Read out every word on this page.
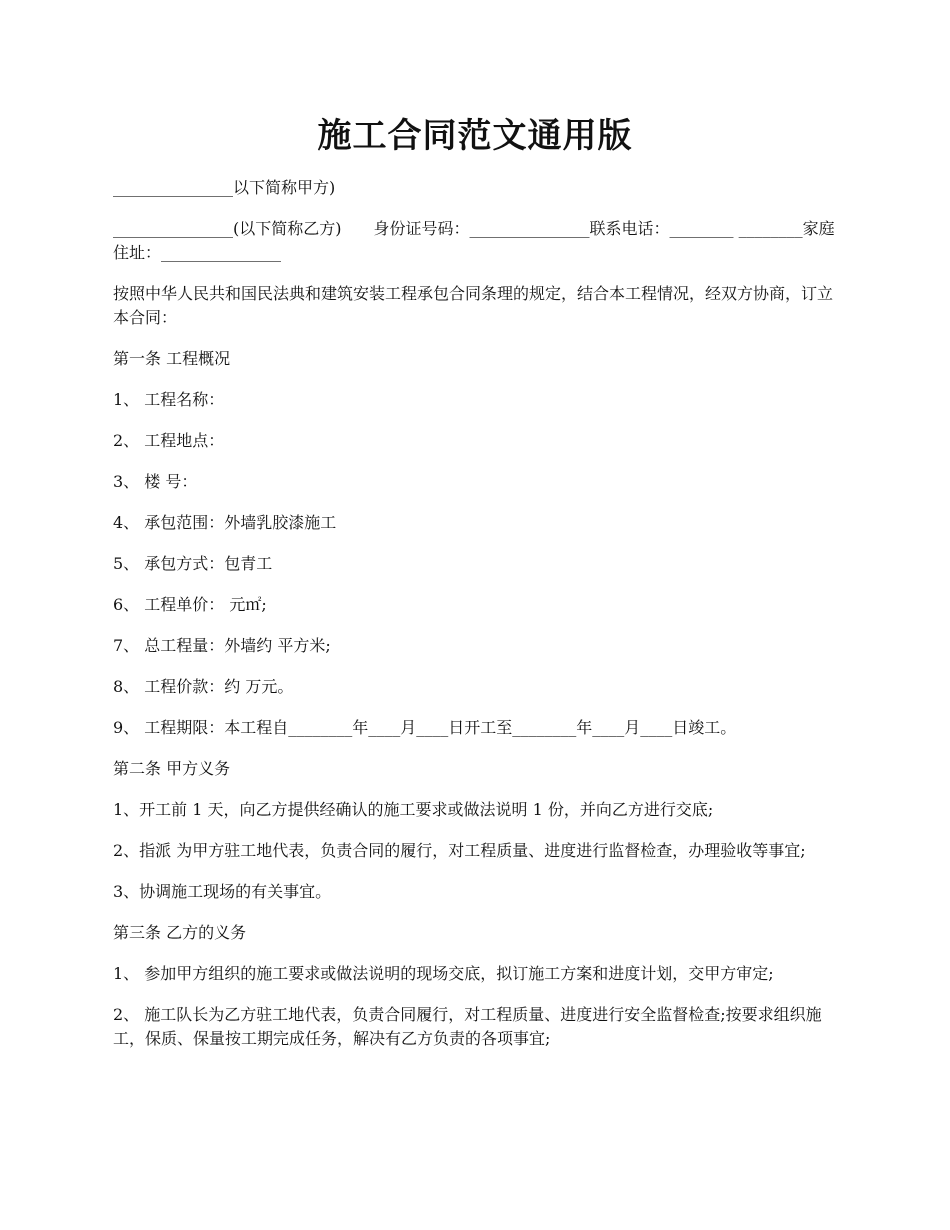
施工合同范文通用版

_______________以下简称甲方)

_______________(以下简称乙方)　　身份证号码：_______________联系电话：________ ________家庭住址：_______________

按照中华人民共和国民法典和建筑安装工程承包合同条理的规定，结合本工程情况，经双方协商，订立本合同：

第一条 工程概况

1、 工程名称：

2、 工程地点：

3、 楼 号：

4、 承包范围：外墙乳胶漆施工

5、 承包方式：包青工

6、 工程单价： 元㎡;

7、 总工程量：外墙约 平方米;

8、 工程价款：约 万元。

9、 工程期限：本工程自________年____月____日开工至________年____月____日竣工。

第二条 甲方义务

1、开工前 1 天，向乙方提供经确认的施工要求或做法说明 1 份，并向乙方进行交底;

2、指派 为甲方驻工地代表，负责合同的履行，对工程质量、进度进行监督检查，办理验收等事宜;

3、协调施工现场的有关事宜。

第三条 乙方的义务

1、 参加甲方组织的施工要求或做法说明的现场交底，拟订施工方案和进度计划，交甲方审定;

2、 施工队长为乙方驻工地代表，负责合同履行，对工程质量、进度进行安全监督检查;按要求组织施工，保质、保量按工期完成任务，解决有乙方负责的各项事宜;
